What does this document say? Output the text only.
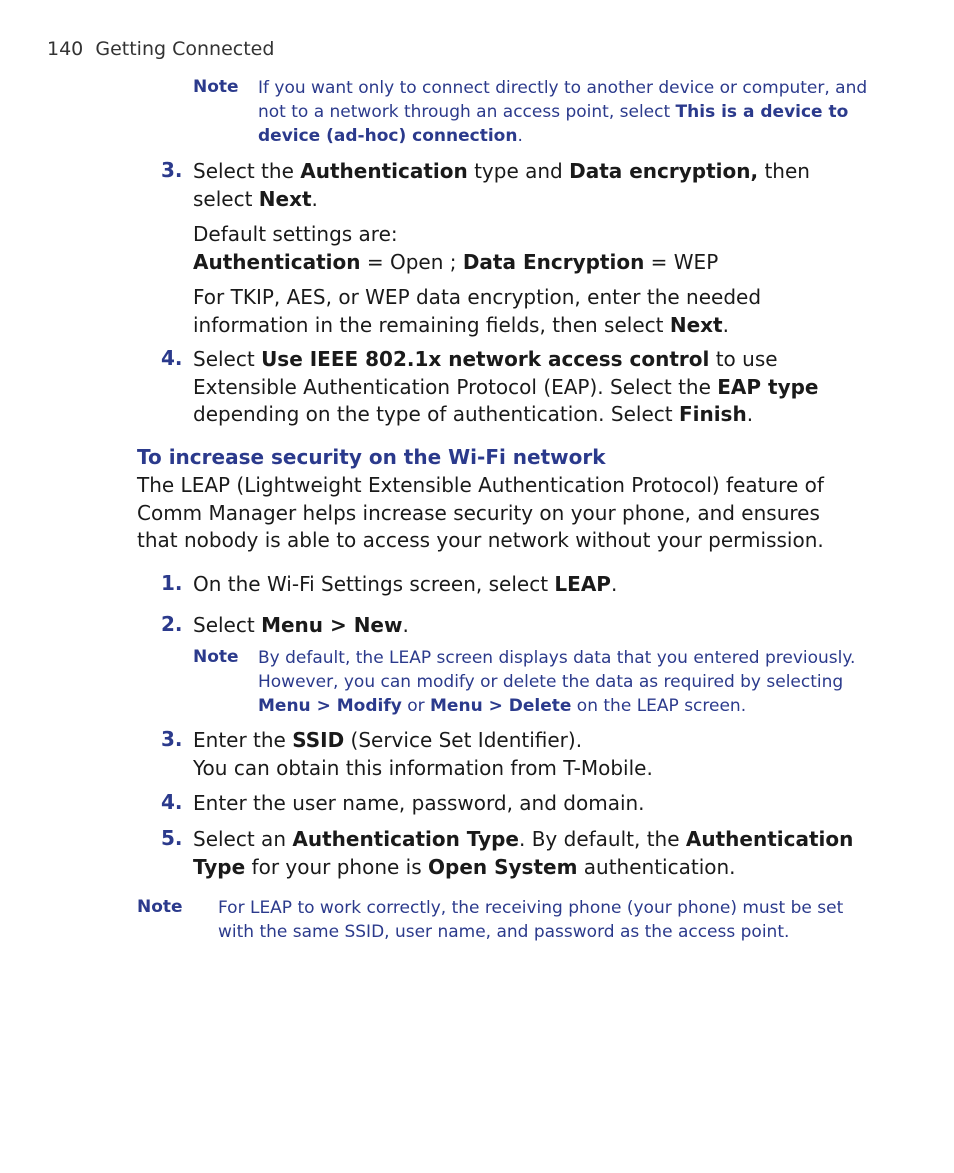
140 Getting Connected
Note If you want only to connect directly to another device or computer, and not to a network through an access point, select This is a device to device (ad-hoc) connection.
3. Select the Authentication type and Data encryption, then select Next.
Default settings are:
Authentication = Open ; Data Encryption = WEP
For TKIP, AES, or WEP data encryption, enter the needed information in the remaining fields, then select Next.
4. Select Use IEEE 802.1x network access control to use Extensible Authentication Protocol (EAP). Select the EAP type depending on the type of authentication. Select Finish.
To increase security on the Wi-Fi network
The LEAP (Lightweight Extensible Authentication Protocol) feature of Comm Manager helps increase security on your phone, and ensures that nobody is able to access your network without your permission.
1. On the Wi-Fi Settings screen, select LEAP.
2. Select Menu > New.
Note By default, the LEAP screen displays data that you entered previously. However, you can modify or delete the data as required by selecting Menu > Modify or Menu > Delete on the LEAP screen.
3. Enter the SSID (Service Set Identifier).
You can obtain this information from T-Mobile.
4. Enter the user name, password, and domain.
5. Select an Authentication Type. By default, the Authentication Type for your phone is Open System authentication.
Note For LEAP to work correctly, the receiving phone (your phone) must be set with the same SSID, user name, and password as the access point.
